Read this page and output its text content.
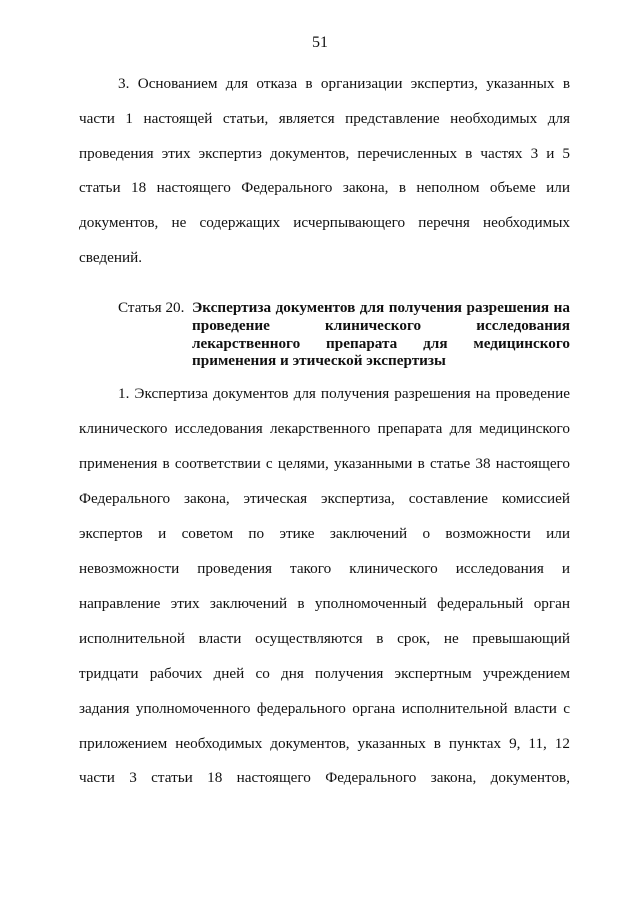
51
3. Основанием для отказа в организации экспертиз, указанных в
части 1 настоящей статьи, является представление необходимых для
проведения этих экспертиз документов, перечисленных в частях 3 и 5
статьи 18 настоящего Федерального закона, в неполном объеме или
документов, не содержащих исчерпывающего перечня необходимых
сведений.
Статья 20. Экспертиза документов для получения разрешения на
проведение клинического исследования
лекарственного препарата для медицинского
применения и этической экспертизы
1. Экспертиза документов для получения разрешения на проведение
клинического исследования лекарственного препарата для медицинского
применения в соответствии с целями, указанными в статье 38 настоящего
Федерального закона, этическая экспертиза, составление комиссией
экспертов и советом по этике заключений о возможности или
невозможности проведения такого клинического исследования и
направление этих заключений в уполномоченный федеральный орган
исполнительной власти осуществляются в срок, не превышающий
тридцати рабочих дней со дня получения экспертным учреждением
задания уполномоченного федерального органа исполнительной власти с
приложением необходимых документов, указанных в пунктах 9, 11, 12
части 3 статьи 18 настоящего Федерального закона, документов,
